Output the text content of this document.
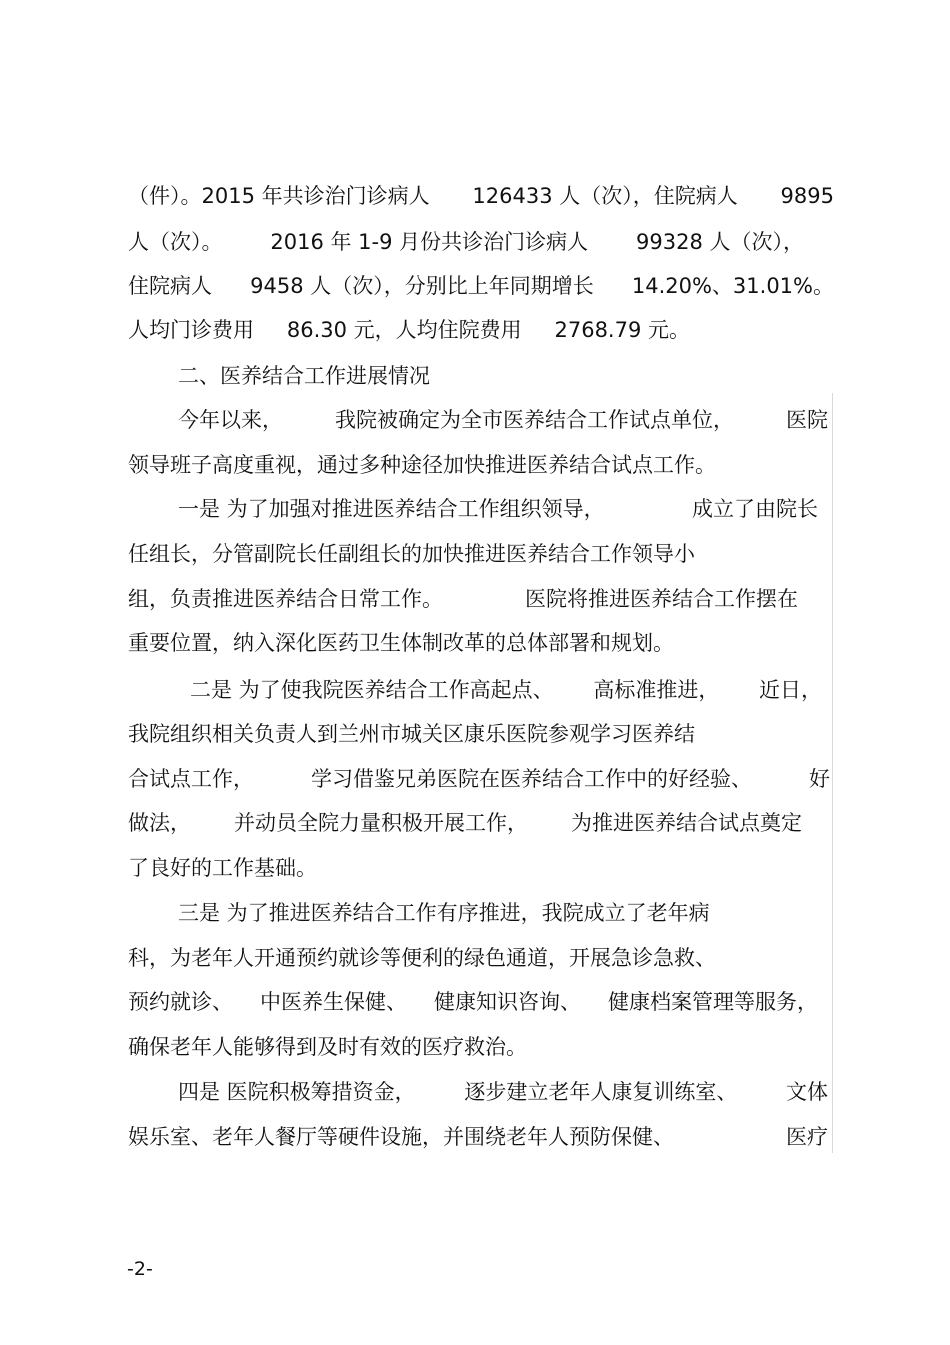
（件）。2015 年共诊治门诊病人 126433 人（次），住院病人 9895
人（次）。 2016 年 1-9 月份共诊治门诊病人 99328 人（次），
住院病人 9458 人（次），分别比上年同期增长 14.20%、31.01%。
人均门诊费用 86.30 元，人均住院费用 2768.79 元。
二、医养结合工作进展情况
今年以来， 我院被确定为全市医养结合工作试点单位， 医院
领导班子高度重视，通过多种途径加快推进医养结合试点工作。
一是 为了加强对推进医养结合工作组织领导，	成立了由院长
任组长，分管副院长任副组长的加快推进医养结合工作领导小
组，负责推进医养结合日常工作。	医院将推进医养结合工作摆在
重要位置，纳入深化医药卫生体制改革的总体部署和规划。
二是 为了使我院医养结合工作高起点、 高标准推进， 近日，
我院组织相关负责人到兰州市城关区康乐医院参观学习医养结
合试点工作，	学习借鉴兄弟医院在医养结合工作中的好经验、	好
做法， 并动员全院力量积极开展工作， 为推进医养结合试点奠定
了良好的工作基础。
三是 为了推进医养结合工作有序推进，我院成立了老年病
科，为老年人开通预约就诊等便利的绿色通道，开展急诊急救、
预约就诊、 中医养生保健、 健康知识咨询、 健康档案管理等服务，
确保老年人能够得到及时有效的医疗救治。
四是 医院积极筹措资金， 逐步建立老年人康复训练室、 文体
娱乐室、老年人餐厅等硬件设施，并围绕老年人预防保健、	医疗
-2-
